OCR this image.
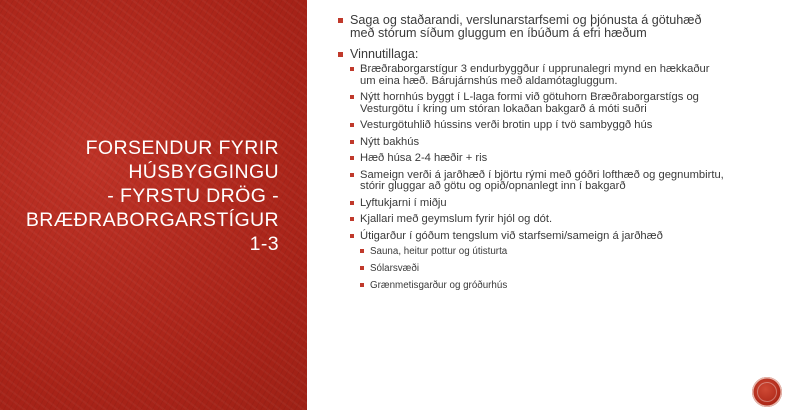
FORSENDUR FYRIR
HÚSBYGGINGU
- FYRSTU DRÖG -
BRÆÐRABORGARSTÍGUR
1-3
Saga og staðarandi, verslunarstarfsemi og þjónusta á götuhæð með stórum síðum gluggum en íbúðum á efri hæðum
Vinnutillaga:
Bræðraborgarstígur 3 endurbyggður í upprunalegri mynd en hækkaður um eina hæð. Bárujárnshús með aldamótagluggum.
Nýtt hornhús byggt í L-laga formi við götuhorn Bræðraborgarstígs og Vesturgötu í kring um stóran lokaðan bakgarð á móti suðri
Vesturgötuhlið hússins verði brotin upp í tvö sambyggð hús
Nýtt bakhús
Hæð húsa 2-4 hæðir + ris
Sameign verði á jarðhæð í björtu rými með góðri lofthæð og gegnumbirtu, stórir gluggar að götu og opið/opnanlegt inn í bakgarð
Lyftukjarni í miðju
Kjallari með geymslum fyrir hjól og dót.
Útigarður í góðum tengslum við starfsemi/sameign á jarðhæð
Sauna, heitur pottur og útisturta
Sólarsvæði
Grænmetisgarður og gróðurhús
